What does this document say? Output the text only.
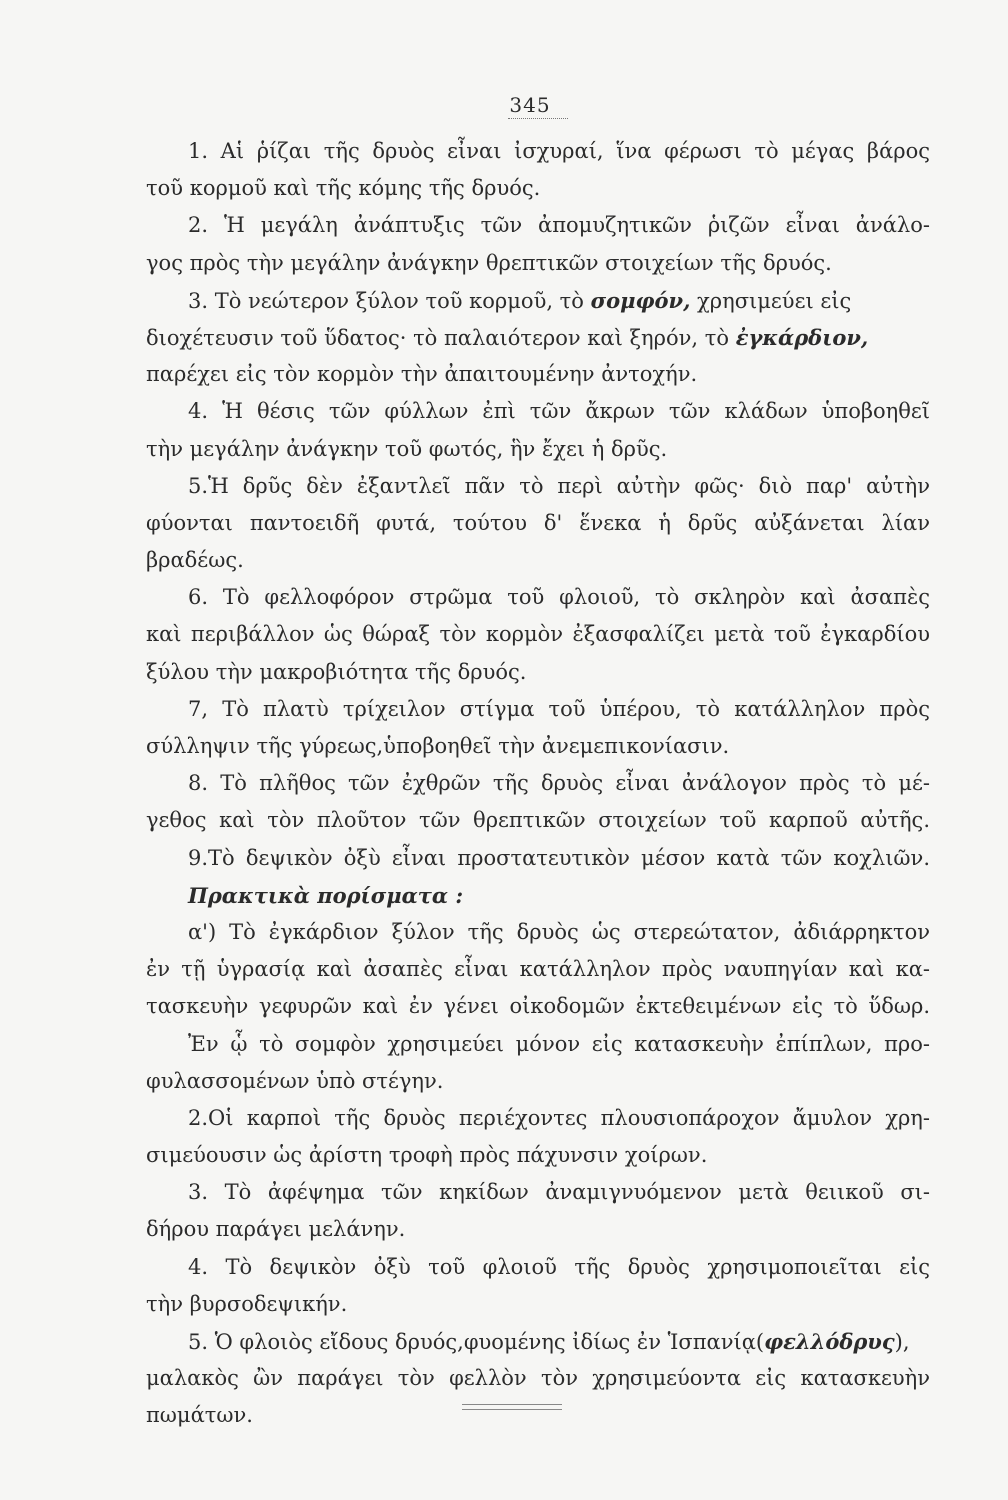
345
1. Αἱ ῥίζαι τῆς δρυὸς εἶναι ἰσχυραί, ἵνα φέρωσι τὸ μέγας βάρος
τοῦ κορμοῦ καὶ τῆς κόμης τῆς δρυός.
2. Ἡ μεγάλη ἀνάπτυξις τῶν ἀπομυζητικῶν ῥιζῶν εἶναι ἀνάλο-
γος πρὸς τὴν μεγάλην ἀνάγκην θρεπτικῶν στοιχείων τῆς δρυός.
3. Τὸ νεώτερον ξύλον τοῦ κορμοῦ, τὸ σομφόν, χρησιμεύει εἰς
διοχέτευσιν τοῦ ὕδατος· τὸ παλαιότερον καὶ ξηρόν, τὸ ἐγκάρδιον,
παρέχει εἰς τὸν κορμὸν τὴν ἀπαιτουμένην ἀντοχήν.
4. Ἡ θέσις τῶν φύλλων ἐπὶ τῶν ἄκρων τῶν κλάδων ὑποβοηθεῖ
τὴν μεγάλην ἀνάγκην τοῦ φωτός, ἣν ἔχει ἡ δρῦς.
5.Ἡ δρῦς δὲν ἐξαντλεῖ πᾶν τὸ περὶ αὐτὴν φῶς· διὸ παρ' αὐτὴν
φύονται παντοειδῆ φυτά, τούτου δ' ἕνεκα ἡ δρῦς αὐξάνεται λίαν
βραδέως.
6. Τὸ φελλοφόρον στρῶμα τοῦ φλοιοῦ, τὸ σκληρὸν καὶ ἀσαπὲς
καὶ περιβάλλον ὡς θώραξ τὸν κορμὸν ἐξασφαλίζει μετὰ τοῦ ἐγκαρδίου
ξύλου τὴν μακροβιότητα τῆς δρυός.
7, Τὸ πλατὺ τρίχειλον στίγμα τοῦ ὑπέρου, τὸ κατάλληλον πρὸς
σύλληψιν τῆς γύρεως,ὑποβοηθεῖ τὴν ἀνεμεπικονίασιν.
8. Τὸ πλῆθος τῶν ἐχθρῶν τῆς δρυὸς εἶναι ἀνάλογον πρὸς τὸ μέ-
γεθος καὶ τὸν πλοῦτον τῶν θρεπτικῶν στοιχείων τοῦ καρποῦ αὐτῆς.
9.Τὸ δεψικὸν ὀξὺ εἶναι προστατευτικὸν μέσον κατὰ τῶν κοχλιῶν.
Πρακτικὰ πορίσματα :
α') Τὸ ἐγκάρδιον ξύλον τῆς δρυὸς ὡς στερεώτατον, ἀδιάρρηκτον
ἐν τῇ ὑγρασίᾳ καὶ ἀσαπὲς εἶναι κατάλληλον πρὸς ναυπηγίαν καὶ κα-
τασκευὴν γεφυρῶν καὶ ἐν γένει οἰκοδομῶν ἐκτεθειμένων εἰς τὸ ὕδωρ.
Ἐν ᾧ τὸ σομφὸν χρησιμεύει μόνον εἰς κατασκευὴν ἐπίπλων, προ-
φυλασσομένων ὑπὸ στέγην.
2.Οἱ καρποὶ τῆς δρυὸς περιέχοντες πλουσιοπάροχον ἄμυλον χρη-
σιμεύουσιν ὡς ἀρίστη τροφὴ πρὸς πάχυνσιν χοίρων.
3. Τὸ ἀφέψημα τῶν κηκίδων ἀναμιγνυόμενον μετὰ θειικοῦ σι-
δήρου παράγει μελάνην.
4. Τὸ δεψικὸν ὀξὺ τοῦ φλοιοῦ τῆς δρυὸς χρησιμοποιεῖται εἰς
τὴν βυρσοδεψικήν.
5. Ὁ φλοιὸς εἴδους δρυός,φυομένης ἰδίως ἐν Ἱσπανίᾳ(φελλόδρυς),
μαλακὸς ὢν παράγει τὸν φελλὸν τὸν χρησιμεύοντα εἰς κατασκευὴν
πωμάτων.
